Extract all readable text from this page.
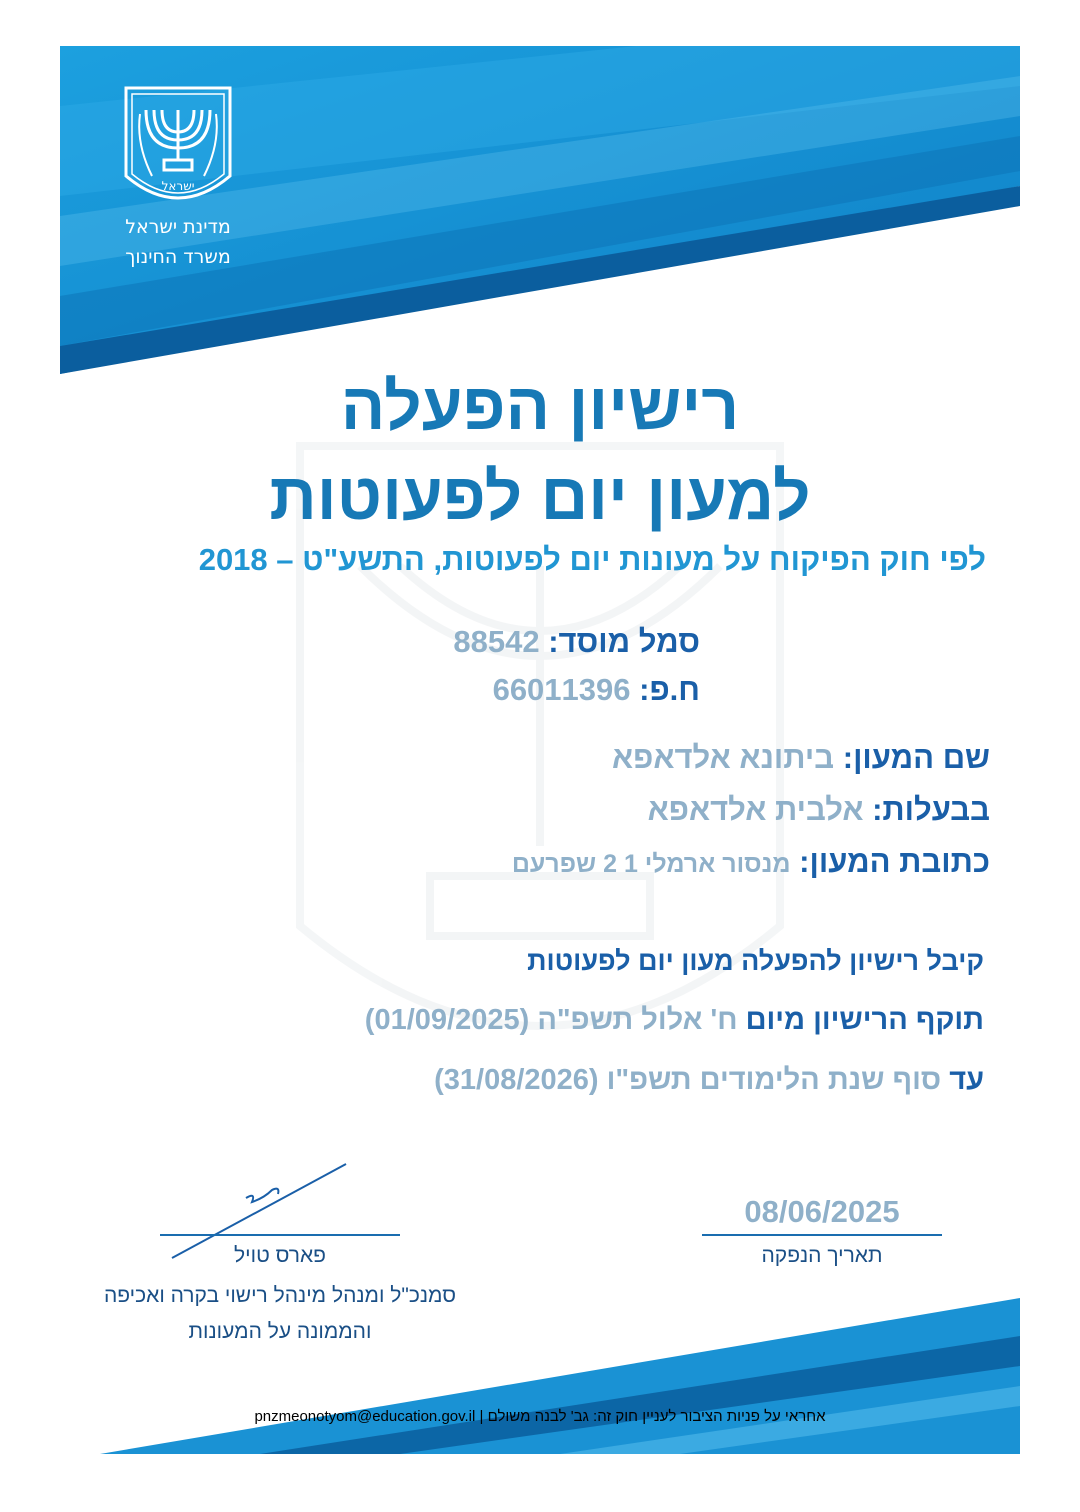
ישראל
מדינת ישראל
משרד החינוך
רישיון הפעלה
למעון יום לפעוטות
לפי חוק הפיקוח על מעונות יום לפעוטות, התשע"ט – 2018
סמל מוסד: 88542
ח.פ: 66011396
שם המעון: ביתונא אלדאפא
בבעלות: אלבית אלדאפא
כתובת המעון: מנסור ארמלי 1 2 שפרעם
קיבל רישיון להפעלה מעון יום לפעוטות
תוקף הרישיון מיום ח' אלול תשפ"ה (01/09/2025)
עד סוף שנת הלימודים תשפ"ו (31/08/2026)
פארס טויל
סמנכ"ל ומנהל מינהל רישוי בקרה ואכיפה
והממונה על המעונות
08/06/2025
תאריך הנפקה
pnzmeonotyom@education.gov.il | אחראי על פניות הציבור לעניין חוק זה: גב' לבנה משולם
